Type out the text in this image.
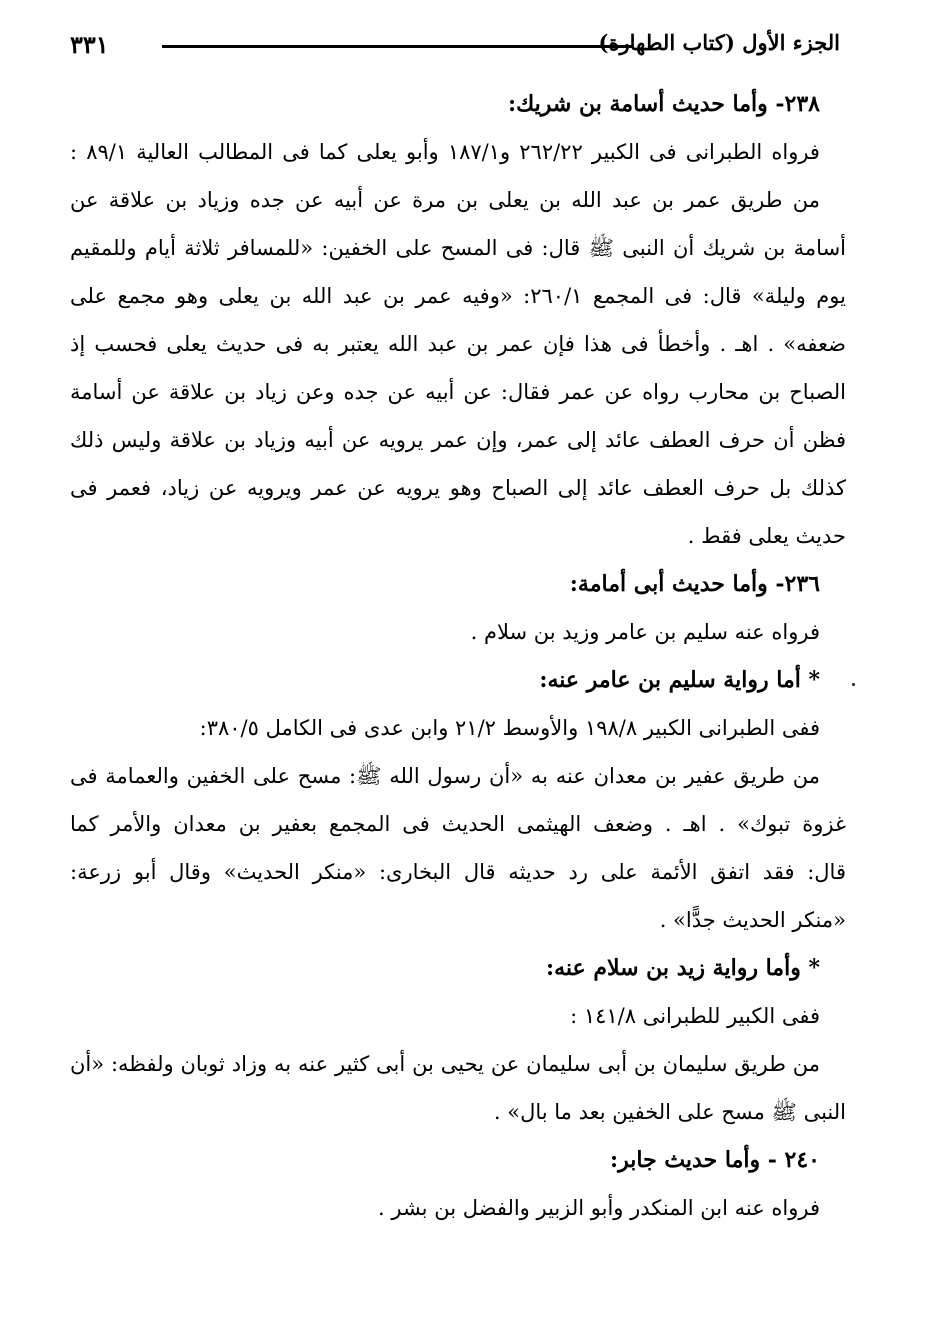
الجزء الأول (كتاب الطهارة)
٣٣١
٢٣٨- وأما حديث أسامة بن شريك:
فرواه الطبرانى فى الكبير ٢٦٢/٢٢ و١٨٧/١ وأبو يعلى كما فى المطالب العالية ٨٩/١ :
من طريق عمر بن عبد الله بن يعلى بن مرة عن أبيه عن جده وزياد بن علاقة عن
أسامة بن شريك أن النبى ﷺ قال: فى المسح على الخفين: «للمسافر ثلاثة أيام وللمقيم
يوم وليلة» قال: فى المجمع ٢٦٠/١: «وفيه عمر بن عبد الله بن يعلى وهو مجمع على
ضعفه» . اهـ . وأخطأ فى هذا فإن عمر بن عبد الله يعتبر به فى حديث يعلى فحسب إذ
الصباح بن محارب رواه عن عمر فقال: عن أبيه عن جده وعن زياد بن علاقة عن أسامة
فظن أن حرف العطف عائد إلى عمر، وإن عمر يرويه عن أبيه وزياد بن علاقة وليس ذلك
كذلك بل حرف العطف عائد إلى الصباح وهو يرويه عن عمر ويرويه عن زياد، فعمر فى
حديث يعلى فقط .
٢٣٦- وأما حديث أبى أمامة:
فرواه عنه سليم بن عامر وزيد بن سلام .
* أما رواية سليم بن عامر عنه:
ففى الطبرانى الكبير ١٩٨/٨ والأوسط ٢١/٢ وابن عدى فى الكامل ٣٨٠/٥:
من طريق عفير بن معدان عنه به «أن رسول الله ﷺ: مسح على الخفين والعمامة فى
غزوة تبوك» . اهـ . وضعف الهيثمى الحديث فى المجمع بعفير بن معدان والأمر كما
قال: فقد اتفق الأئمة على رد حديثه قال البخارى: «منكر الحديث» وقال أبو زرعة:
«منكر الحديث جدًّا» .
* وأما رواية زيد بن سلام عنه:
ففى الكبير للطبرانى ١٤١/٨ :
من طريق سليمان بن أبى سليمان عن يحيى بن أبى كثير عنه به وزاد ثوبان ولفظه: «أن
النبى ﷺ مسح على الخفين بعد ما بال» .
٢٤٠ - وأما حديث جابر:
فرواه عنه ابن المنكدر وأبو الزبير والفضل بن بشر .
